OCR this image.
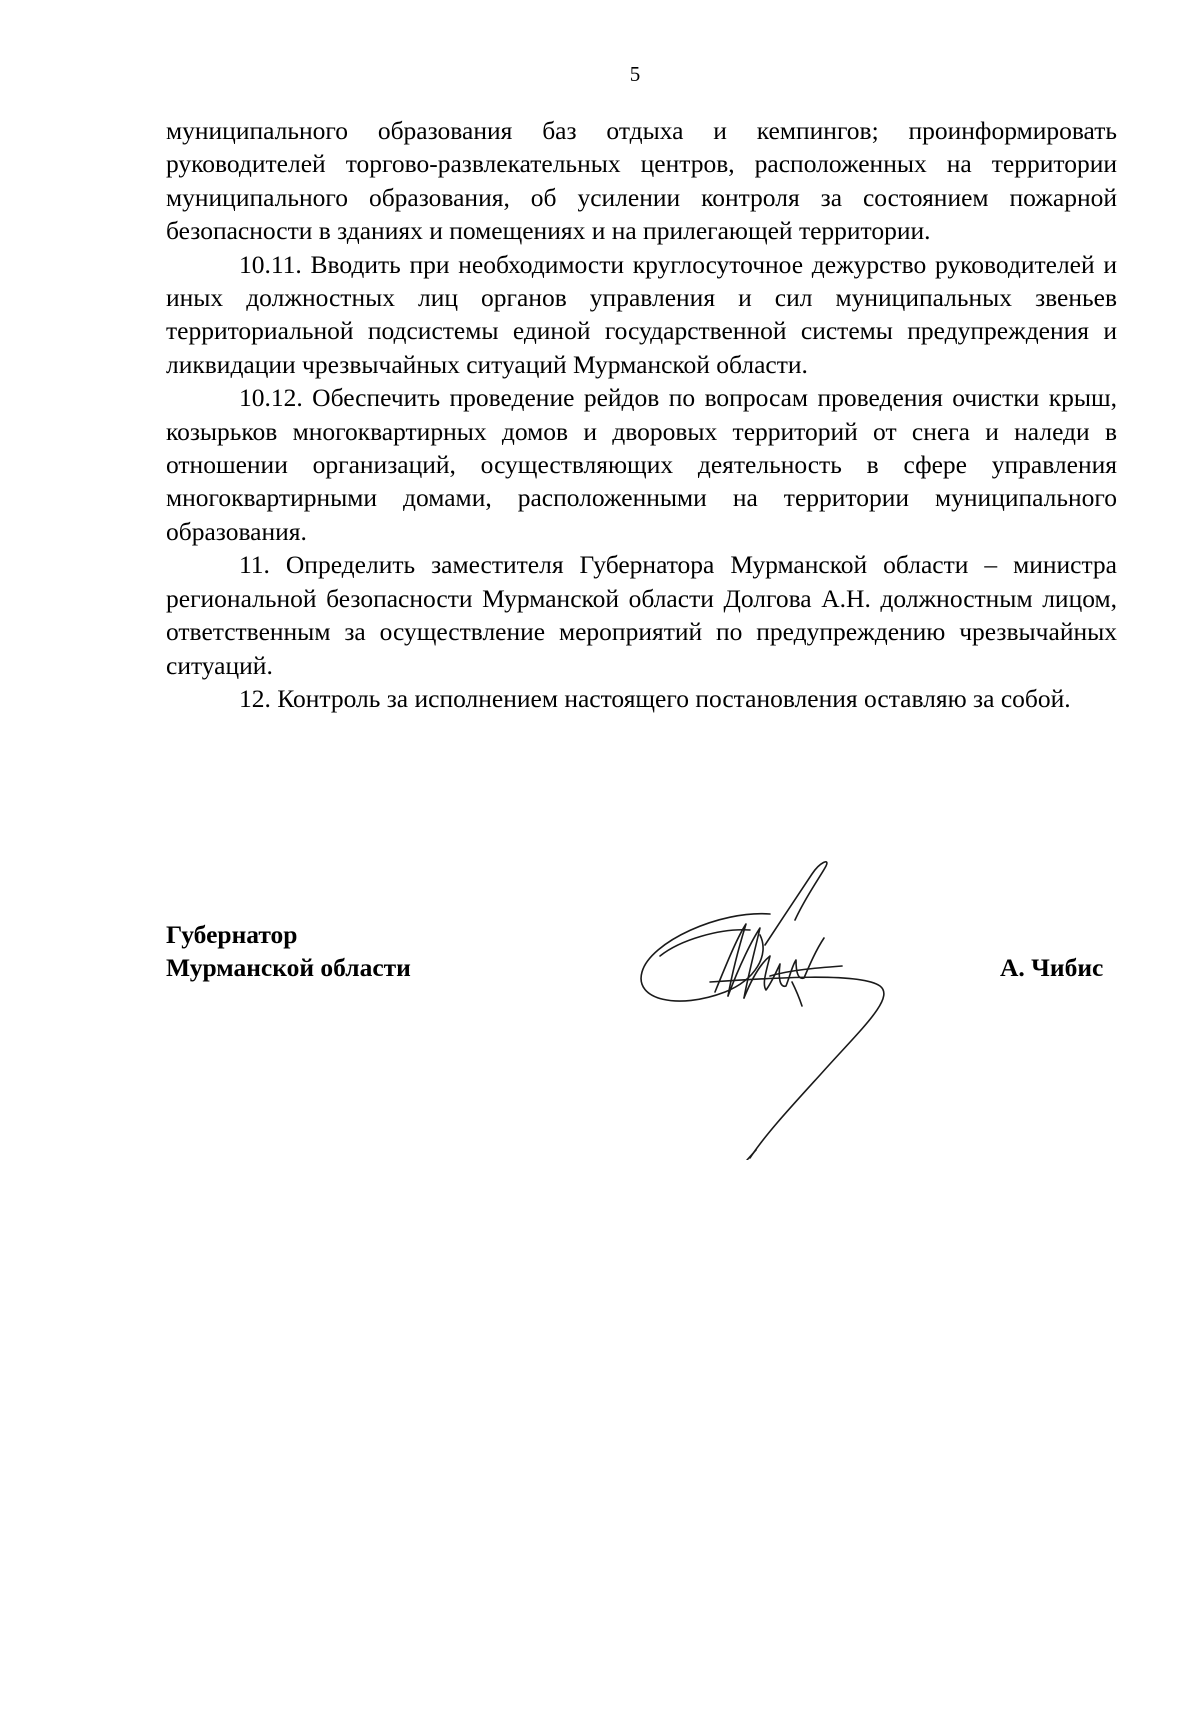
5

муниципального образования баз отдыха и кемпингов; проинформировать руководителей торгово-развлекательных центров, расположенных на территории муниципального образования, об усилении контроля за состоянием пожарной безопасности в зданиях и помещениях и на прилегающей территории.

10.11. Вводить при необходимости круглосуточное дежурство руководителей и иных должностных лиц органов управления и сил муниципальных звеньев территориальной подсистемы единой государственной системы предупреждения и ликвидации чрезвычайных ситуаций Мурманской области.

10.12. Обеспечить проведение рейдов по вопросам проведения очистки крыш, козырьков многоквартирных домов и дворовых территорий от снега и наледи в отношении организаций, осуществляющих деятельность в сфере управления многоквартирными домами, расположенными на территории муниципального образования.

11. Определить заместителя Губернатора Мурманской области – министра региональной безопасности Мурманской области Долгова А.Н. должностным лицом, ответственным за осуществление мероприятий по предупреждению чрезвычайных ситуаций.

12. Контроль за исполнением настоящего постановления оставляю за собой.

Губернатор
Мурманской области	А. Чибис
